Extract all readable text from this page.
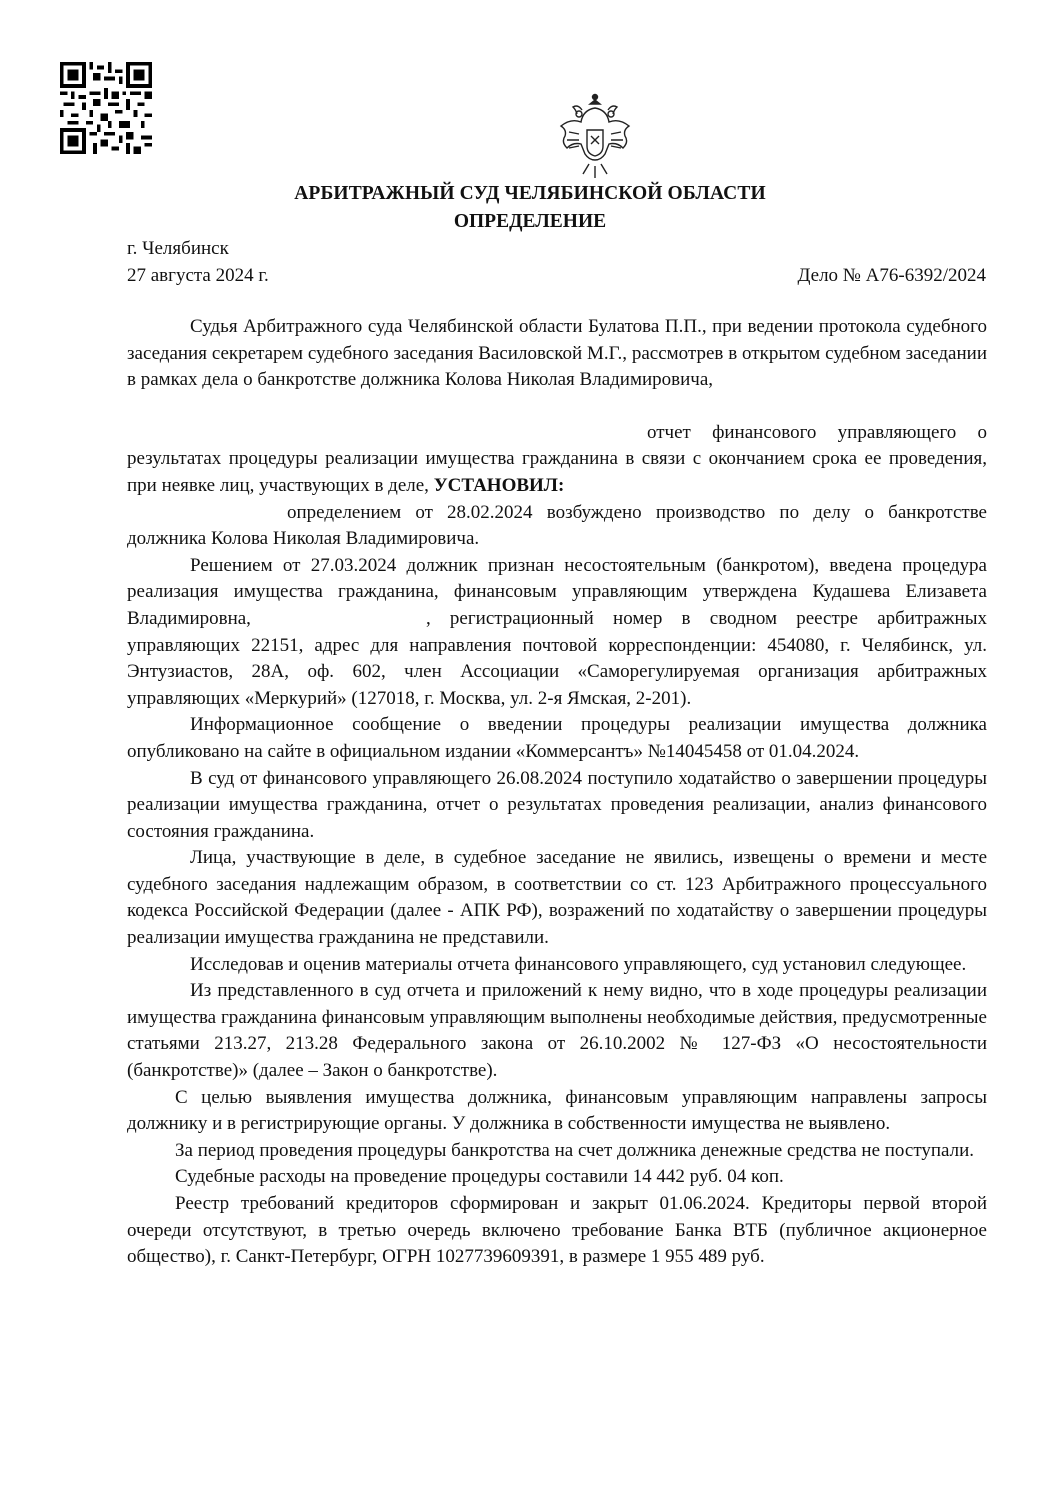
АРБИТРАЖНЫЙ СУД ЧЕЛЯБИНСКОЙ ОБЛАСТИ
ОПРЕДЕЛЕНИЕ
г. Челябинск
27 августа 2024 г.	Дело № А76-6392/2024

Судья Арбитражного суда Челябинской области Булатова П.П., при ведении протокола судебного заседания секретарем судебного заседания Василовской М.Г., рассмотрев в открытом судебном заседании в рамках дела о банкротстве должника Колова Николая Владимировича,

отчет финансового управляющего о результатах процедуры реализации имущества гражданина в связи с окончанием срока ее проведения, при неявке лиц, участвующих в деле, УСТАНОВИЛ:

определением от 28.02.2024 возбуждено производство по делу о банкротстве должника Колова Николая Владимировича.

Решением от 27.03.2024 должник признан несостоятельным (банкротом), введена процедура реализация имущества гражданина, финансовым управляющим утверждена Кудашева Елизавета Владимировна,	, регистрационный номер в сводном реестре арбитражных управляющих 22151, адрес для направления почтовой корреспонденции: 454080, г. Челябинск, ул. Энтузиастов, 28А, оф. 602, член Ассоциации «Саморегулируемая организация арбитражных управляющих «Меркурий» (127018, г. Москва, ул. 2-я Ямская, 2-201).

Информационное сообщение о введении процедуры реализации имущества должника опубликовано на сайте в официальном издании «Коммерсантъ» №14045458 от 01.04.2024.

В суд от финансового управляющего 26.08.2024 поступило ходатайство о завершении процедуры реализации имущества гражданина, отчет о результатах проведения реализации, анализ финансового состояния гражданина.

Лица, участвующие в деле, в судебное заседание не явились, извещены о времени и месте судебного заседания надлежащим образом, в соответствии со ст. 123 Арбитражного процессуального кодекса Российской Федерации (далее - АПК РФ), возражений по ходатайству о завершении процедуры реализации имущества гражданина не представили.

Исследовав и оценив материалы отчета финансового управляющего, суд установил следующее.

Из представленного в суд отчета и приложений к нему видно, что в ходе процедуры реализации имущества гражданина финансовым управляющим выполнены необходимые действия, предусмотренные статьями 213.27, 213.28 Федерального закона от 26.10.2002 № 127-ФЗ «О несостоятельности (банкротстве)» (далее – Закон о банкротстве).

С целью выявления имущества должника, финансовым управляющим направлены запросы должнику и в регистрирующие органы. У должника в собственности имущества не выявлено.

За период проведения процедуры банкротства на счет должника денежные средства не поступали.

Судебные расходы на проведение процедуры составили 14 442 руб. 04 коп.

Реестр требований кредиторов сформирован и закрыт 01.06.2024. Кредиторы первой второй очереди отсутствуют, в третью очередь включено требование Банка ВТБ (публичное акционерное общество), г. Санкт-Петербург, ОГРН 1027739609391, в размере 1 955 489 руб.
